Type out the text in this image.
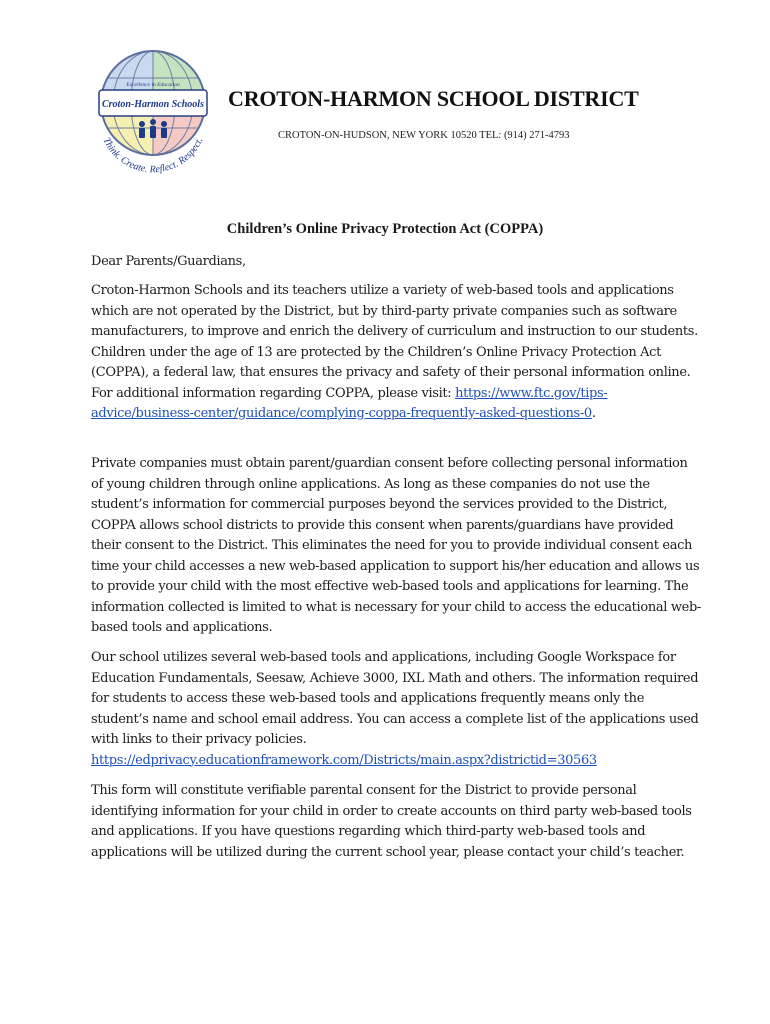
Croton-Harmon Schools
Excellence in Education
Think. Create. Reflect. Respect.
CROTON-HARMON SCHOOL DISTRICT
CROTON-ON-HUDSON, NEW YORK 10520 TEL: (914) 271-4793
Children’s Online Privacy Protection Act (COPPA)
Dear Parents/Guardians,
Croton-Harmon Schools and its teachers utilize a variety of web-based tools and applications which are not operated by the District, but by third-party private companies such as software manufacturers, to improve and enrich the delivery of curriculum and instruction to our students. Children under the age of 13 are protected by the Children’s Online Privacy Protection Act (COPPA), a federal law, that ensures the privacy and safety of their personal information online. For additional information regarding COPPA, please visit: https://www.ftc.gov/tips-advice/business-center/guidance/complying-coppa-frequently-asked-questions-0.
Private companies must obtain parent/guardian consent before collecting personal information of young children through online applications. As long as these companies do not use the student’s information for commercial purposes beyond the services provided to the District, COPPA allows school districts to provide this consent when parents/guardians have provided their consent to the District. This eliminates the need for you to provide individual consent each time your child accesses a new web-based application to support his/her education and allows us to provide your child with the most effective web-based tools and applications for learning. The information collected is limited to what is necessary for your child to access the educational web-based tools and applications.
Our school utilizes several web-based tools and applications, including Google Workspace for Education Fundamentals, Seesaw, Achieve 3000, IXL Math and others. The information required for students to access these web-based tools and applications frequently means only the student’s name and school email address. You can access a complete list of the applications used with links to their privacy policies. https://edprivacy.educationframework.com/Districts/main.aspx?districtid=30563
This form will constitute verifiable parental consent for the District to provide personal identifying information for your child in order to create accounts on third party web-based tools and applications. If you have questions regarding which third-party web-based tools and applications will be utilized during the current school year, please contact your child’s teacher.
